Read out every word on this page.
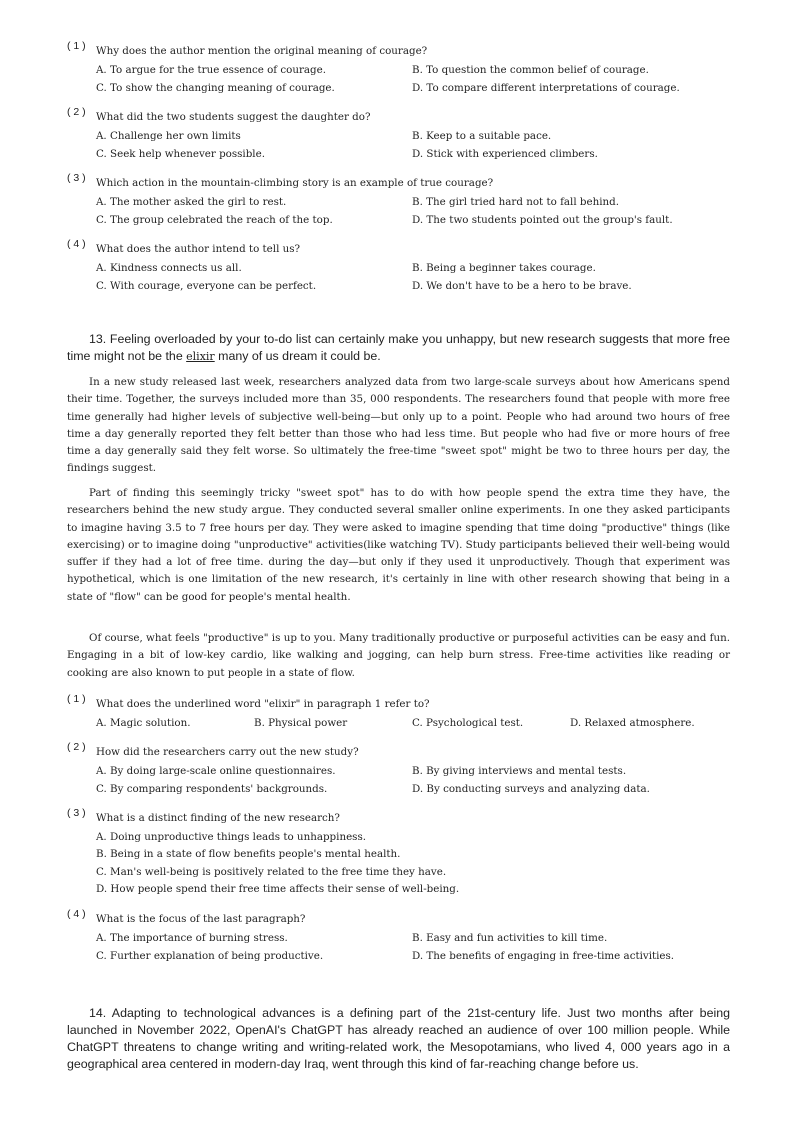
( 1 ) Why does the author mention the original meaning of courage?
A. To argue for the true essence of courage.	B. To question the common belief of courage.
C. To show the changing meaning of courage.	D. To compare different interpretations of courage.
( 2 ) What did the two students suggest the daughter do?
A. Challenge her own limits	B. Keep to a suitable pace.
C. Seek help whenever possible.	D. Stick with experienced climbers.
( 3 ) Which action in the mountain-climbing story is an example of true courage?
A. The mother asked the girl to rest.	B. The girl tried hard not to fall behind.
C. The group celebrated the reach of the top.	D. The two students pointed out the group's fault.
( 4 ) What does the author intend to tell us?
A. Kindness connects us all.	B. Being a beginner takes courage.
C. With courage, everyone can be perfect.	D. We don't have to be a hero to be brave.
13. Feeling overloaded by your to-do list can certainly make you unhappy, but new research suggests that more free time might not be the elixir many of us dream it could be.
In a new study released last week, researchers analyzed data from two large-scale surveys about how Americans spend their time. Together, the surveys included more than 35, 000 respondents. The researchers found that people with more free time generally had higher levels of subjective well-being—but only up to a point. People who had around two hours of free time a day generally reported they felt better than those who had less time. But people who had five or more hours of free time a day generally said they felt worse. So ultimately the free-time "sweet spot" might be two to three hours per day, the findings suggest.
Part of finding this seemingly tricky "sweet spot" has to do with how people spend the extra time they have, the researchers behind the new study argue. They conducted several smaller online experiments. In one they asked participants to imagine having 3.5 to 7 free hours per day. They were asked to imagine spending that time doing "productive" things (like exercising) or to imagine doing "unproductive" activities(like watching TV). Study participants believed their well-being would suffer if they had a lot of free time. during the day—but only if they used it unproductively. Though that experiment was hypothetical, which is one limitation of the new research, it's certainly in line with other research showing that being in a state of "flow" can be good for people's mental health.
Of course, what feels "productive" is up to you. Many traditionally productive or purposeful activities can be easy and fun. Engaging in a bit of low-key cardio, like walking and jogging, can help burn stress. Free-time activities like reading or cooking are also known to put people in a state of flow.
( 1 ) What does the underlined word "elixir" in paragraph 1 refer to?
A. Magic solution.	B. Physical power	C. Psychological test.	D. Relaxed atmosphere.
( 2 ) How did the researchers carry out the new study?
A. By doing large-scale online questionnaires.	B. By giving interviews and mental tests.
C. By comparing respondents' backgrounds.	D. By conducting surveys and analyzing data.
( 3 ) What is a distinct finding of the new research?
A. Doing unproductive things leads to unhappiness.
B. Being in a state of flow benefits people's mental health.
C. Man's well-being is positively related to the free time they have.
D. How people spend their free time affects their sense of well-being.
( 4 ) What is the focus of the last paragraph?
A. The importance of burning stress.	B. Easy and fun activities to kill time.
C. Further explanation of being productive.	D. The benefits of engaging in free-time activities.
14. Adapting to technological advances is a defining part of the 21st-century life. Just two months after being launched in November 2022, OpenAI's ChatGPT has already reached an audience of over 100 million people. While ChatGPT threatens to change writing and writing-related work, the Mesopotamians, who lived 4, 000 years ago in a geographical area centered in modern-day Iraq, went through this kind of far-reaching change before us.
